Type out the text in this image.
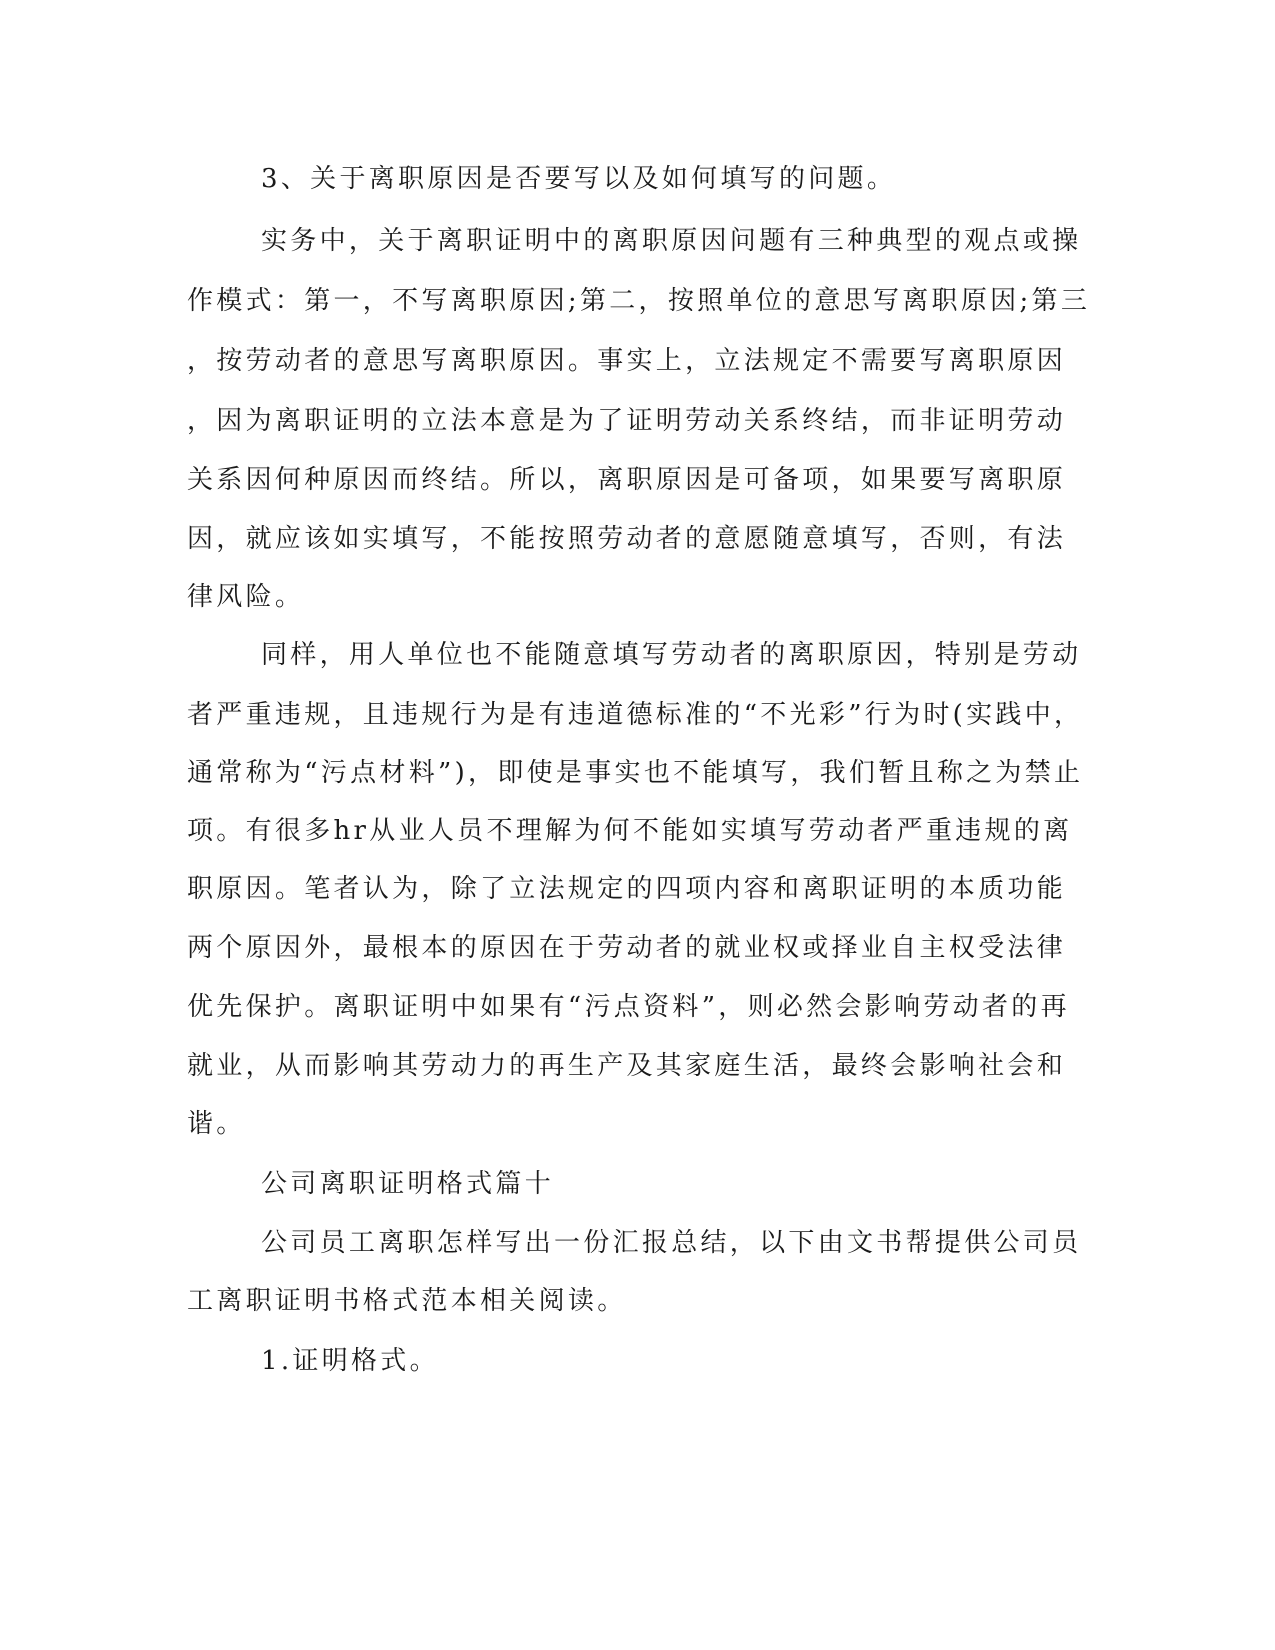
3、关于离职原因是否要写以及如何填写的问题。

实务中，关于离职证明中的离职原因问题有三种典型的观点或操

作模式：第一，不写离职原因;第二，按照单位的意思写离职原因;第三

，按劳动者的意思写离职原因。事实上，立法规定不需要写离职原因

，因为离职证明的立法本意是为了证明劳动关系终结，而非证明劳动

关系因何种原因而终结。所以，离职原因是可备项，如果要写离职原

因，就应该如实填写，不能按照劳动者的意愿随意填写，否则，有法

律风险。

同样，用人单位也不能随意填写劳动者的离职原因，特别是劳动

者严重违规，且违规行为是有违道德标准的“不光彩”行为时(实践中，

通常称为“污点材料”)，即使是事实也不能填写，我们暂且称之为禁止

项。有很多hr从业人员不理解为何不能如实填写劳动者严重违规的离

职原因。笔者认为，除了立法规定的四项内容和离职证明的本质功能

两个原因外，最根本的原因在于劳动者的就业权或择业自主权受法律

优先保护。离职证明中如果有“污点资料”，则必然会影响劳动者的再

就业，从而影响其劳动力的再生产及其家庭生活，最终会影响社会和

谐。

公司离职证明格式篇十

公司员工离职怎样写出一份汇报总结，以下由文书帮提供公司员

工离职证明书格式范本相关阅读。

1.证明格式。
